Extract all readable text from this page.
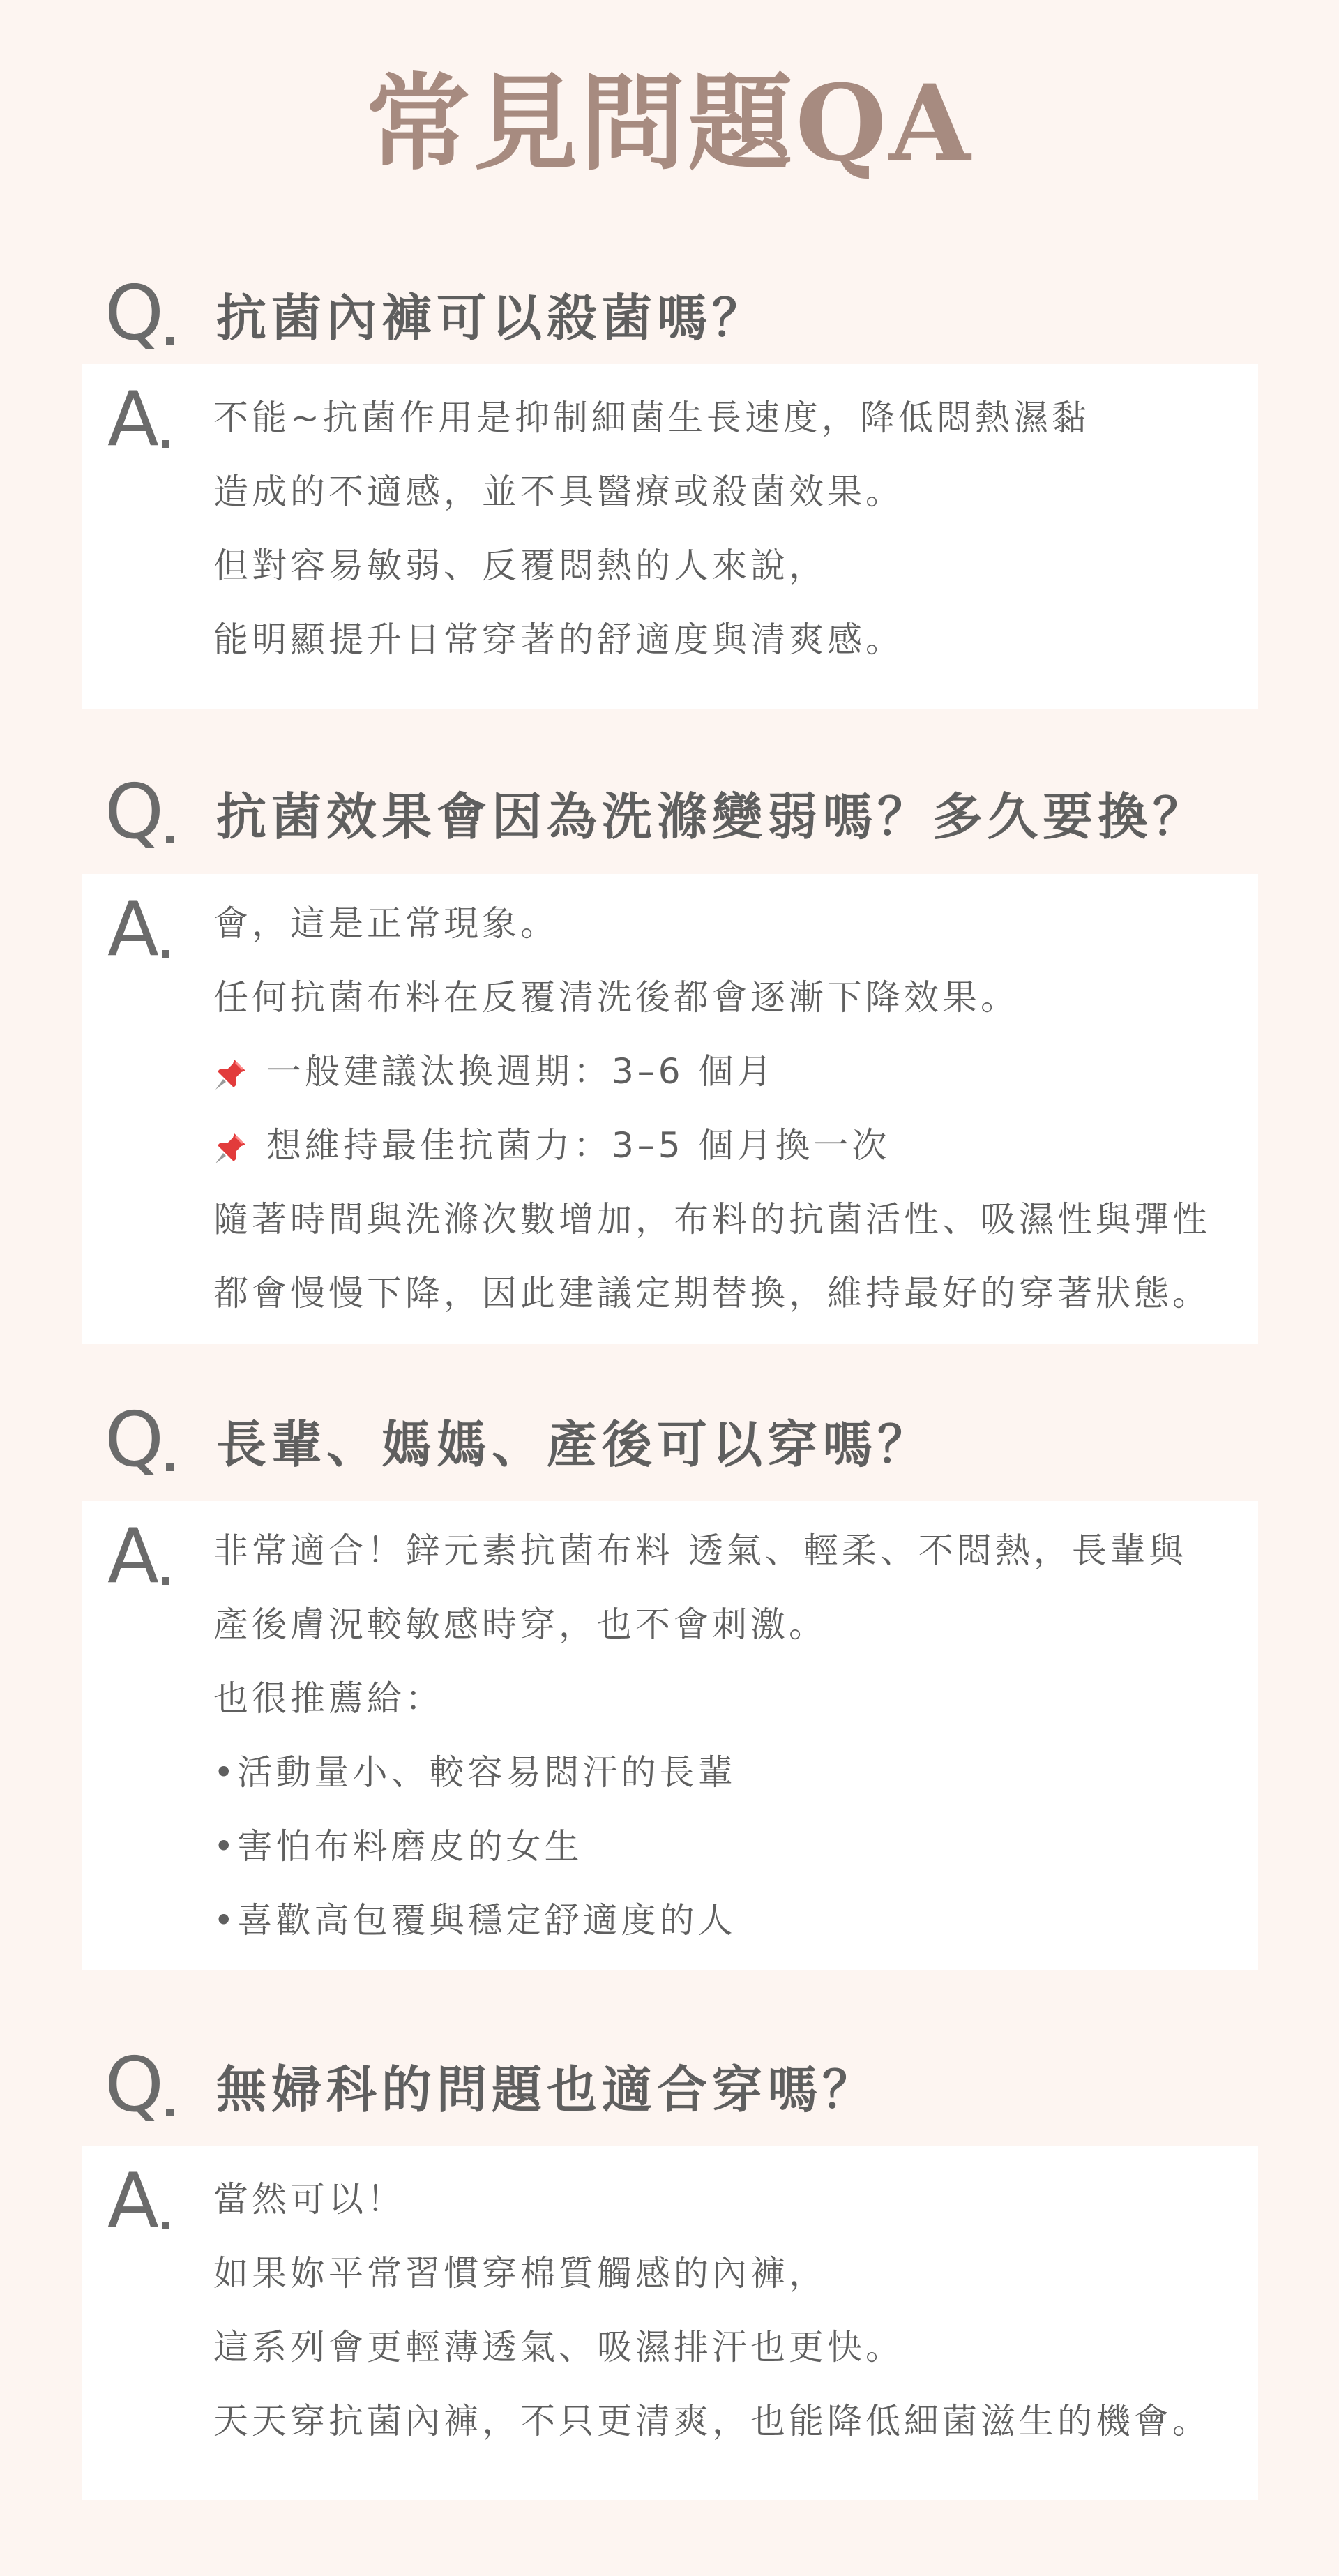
常見問題QA
Q	抗菌內褲可以殺菌嗎？
A 不能~抗菌作用是抑制細菌生長速度，降低悶熱濕黏
造成的不適感，並不具醫療或殺菌效果。
但對容易敏弱、反覆悶熱的人來說，
能明顯提升日常穿著的舒適度與清爽感。
Q	抗菌效果會因為洗滌變弱嗎？多久要換？
A 會，這是正常現象。
任何抗菌布料在反覆清洗後都會逐漸下降效果。
一般建議汰換週期：3–6 個月
想維持最佳抗菌力：3–5 個月換一次
隨著時間與洗滌次數增加，布料的抗菌活性、吸濕性與彈性
都會慢慢下降，因此建議定期替換，維持最好的穿著狀態。
Q	長輩、媽媽、產後可以穿嗎？
A 非常適合！鋅元素抗菌布料 透氣、輕柔、不悶熱，長輩與
產後膚況較敏感時穿，也不會刺激。
也很推薦給：
•活動量小、較容易悶汗的長輩
•害怕布料磨皮的女生
•喜歡高包覆與穩定舒適度的人
Q	無婦科的問題也適合穿嗎？
A 當然可以！
如果妳平常習慣穿棉質觸感的內褲，
這系列會更輕薄透氣、吸濕排汗也更快。
天天穿抗菌內褲，不只更清爽，也能降低細菌滋生的機會。
